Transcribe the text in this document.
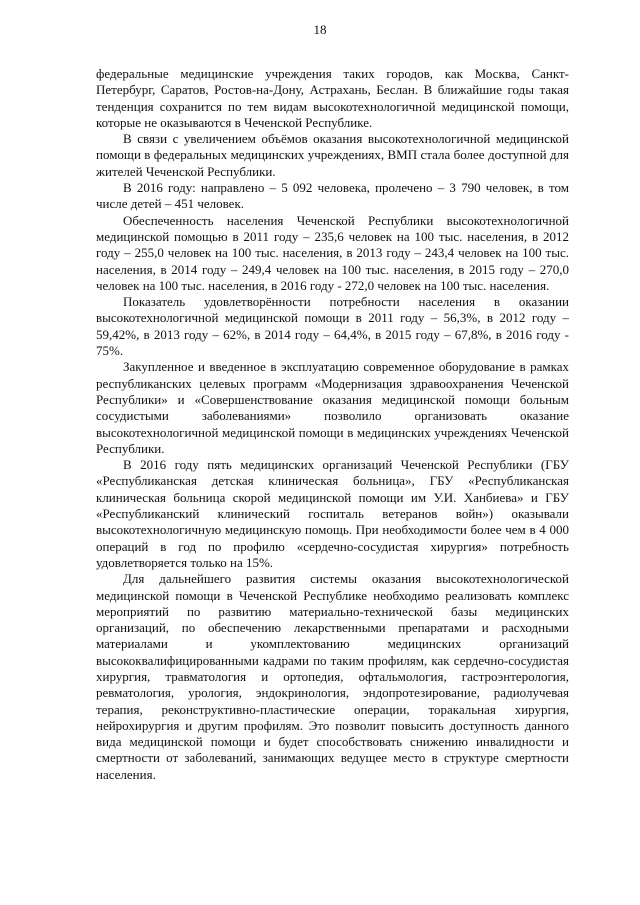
18

федеральные медицинские учреждения таких городов, как Москва, Санкт-Петербург, Саратов, Ростов-на-Дону, Астрахань, Беслан. В ближайшие годы такая тенденция сохранится по тем видам высокотехнологичной медицинской помощи, которые не оказываются в Чеченской Республике.

В связи с увеличением объёмов оказания высокотехнологичной медицинской помощи в федеральных медицинских учреждениях, ВМП стала более доступной для жителей Чеченской Республики.

В 2016 году: направлено – 5 092 человека, пролечено – 3 790 человек, в том числе детей – 451 человек.

Обеспеченность населения Чеченской Республики высокотехнологичной медицинской помощью в 2011 году – 235,6 человек на 100 тыс. населения, в 2012 году – 255,0 человек на 100 тыс. населения, в 2013 году – 243,4 человек на 100 тыс. населения, в 2014 году – 249,4 человек на 100 тыс. населения, в 2015 году – 270,0 человек на 100 тыс. населения, в 2016 году - 272,0 человек на 100 тыс. населения.

Показатель удовлетворённости потребности населения в оказании высокотехнологичной медицинской помощи в 2011 году – 56,3%, в 2012 году – 59,42%, в 2013 году – 62%, в 2014 году – 64,4%, в 2015 году – 67,8%, в 2016 году - 75%.

Закупленное и введенное в эксплуатацию современное оборудование в рамках республиканских целевых программ «Модернизация здравоохранения Чеченской Республики» и «Совершенствование оказания медицинской помощи больным сосудистыми заболеваниями» позволило организовать оказание высокотехнологичной медицинской помощи в медицинских учреждениях Чеченской Республики.

В 2016 году пять медицинских организаций Чеченской Республики (ГБУ «Республиканская детская клиническая больница», ГБУ «Республиканская клиническая больница скорой медицинской помощи им У.И. Ханбиева» и ГБУ «Республиканский клинический госпиталь ветеранов войн») оказывали высокотехнологичную медицинскую помощь. При необходимости более чем в 4 000 операций в год по профилю «сердечно-сосудистая хирургия» потребность удовлетворяется только на 15%.

Для дальнейшего развития системы оказания высокотехнологической медицинской помощи в Чеченской Республике необходимо реализовать комплекс мероприятий по развитию материально-технической базы медицинских организаций, по обеспечению лекарственными препаратами и расходными материалами и укомплектованию медицинских организаций высококвалифицированными кадрами по таким профилям, как сердечно-сосудистая хирургия, травматология и ортопедия, офтальмология, гастроэнтерология, ревматология, урология, эндокринология, эндопротезирование, радиолучевая терапия, реконструктивно-пластические операции, торакальная хирургия, нейрохирургия и другим профилям. Это позволит повысить доступность данного вида медицинской помощи и будет способствовать снижению инвалидности и смертности от заболеваний, занимающих ведущее место в структуре смертности населения.
